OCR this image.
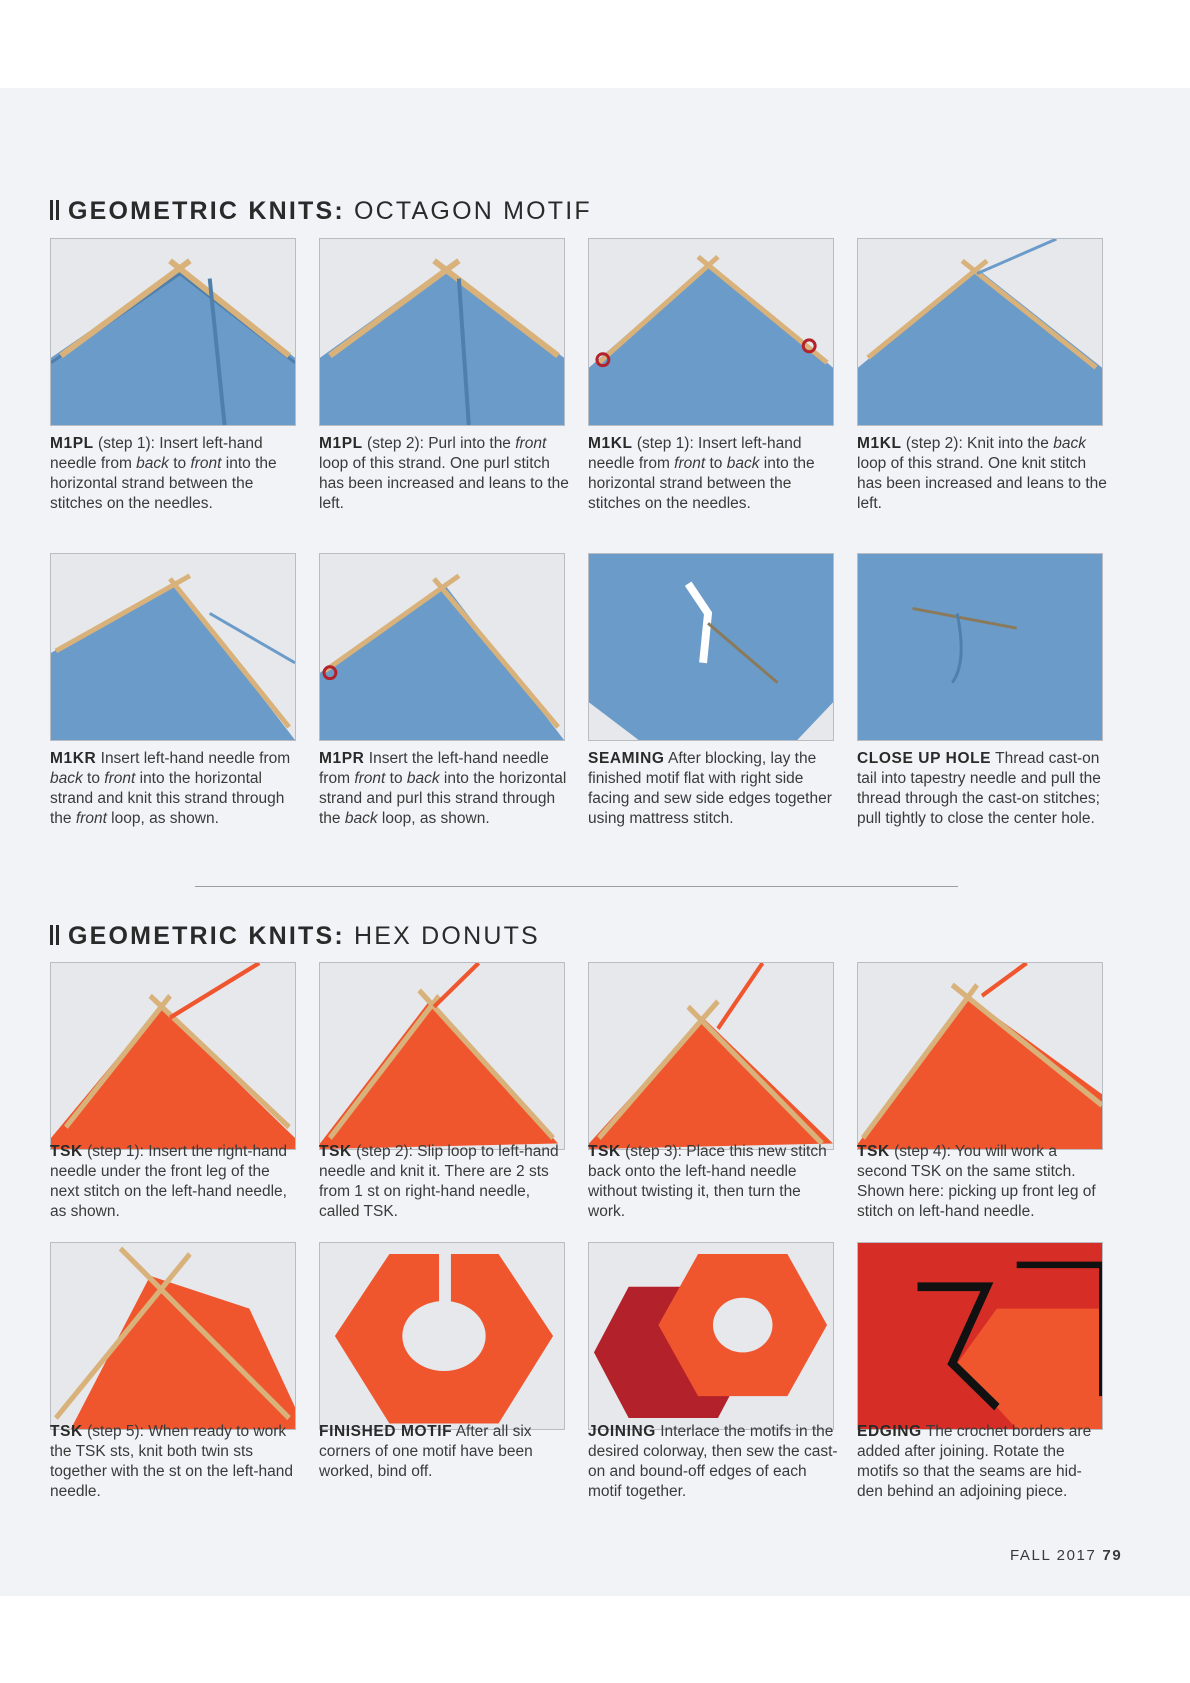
GEOMETRIC KNITS: OCTAGON MOTIF
M1PL (step 1): Insert left-hand needle from back to front into the horizontal strand between the stitches on the needles.
M1PL (step 2): Purl into the front loop of this strand. One purl stitch has been increased and leans to the left.
M1KL (step 1): Insert left-hand needle from front to back into the horizontal strand between the stitches on the needles.
M1KL (step 2): Knit into the back loop of this strand. One knit stitch has been increased and leans to the left.
M1KR Insert left-hand needle from back to front into the horizontal strand and knit this strand through the front loop, as shown.
M1PR Insert the left-hand needle from front to back into the horizontal strand and purl this strand through the back loop, as shown.
SEAMING After blocking, lay the finished motif flat with right side facing and sew side edges together using mattress stitch.
CLOSE UP HOLE Thread cast-on tail into tapestry needle and pull the thread through the cast-on stitches; pull tightly to close the center hole.
GEOMETRIC KNITS: HEX DONUTS
TSK (step 1): Insert the right-hand needle under the front leg of the next stitch on the left-hand needle, as shown.
TSK (step 2): Slip loop to left-hand needle and knit it. There are 2 sts from 1 st on right-hand needle, called TSK.
TSK (step 3): Place this new stitch back onto the left-hand needle without twisting it, then turn the work.
TSK (step 4): You will work a second TSK on the same stitch. Shown here: picking up front leg of stitch on left-hand needle.
TSK (step 5): When ready to work the TSK sts, knit both twin sts together with the st on the left-hand needle.
FINISHED MOTIF After all six corners of one motif have been worked, bind off.
JOINING Interlace the motifs in the desired colorway, then sew the cast-on and bound-off edges of each motif together.
EDGING The crochet borders are added after joining. Rotate the motifs so that the seams are hid-den behind an adjoining piece.
FALL 2017 79
